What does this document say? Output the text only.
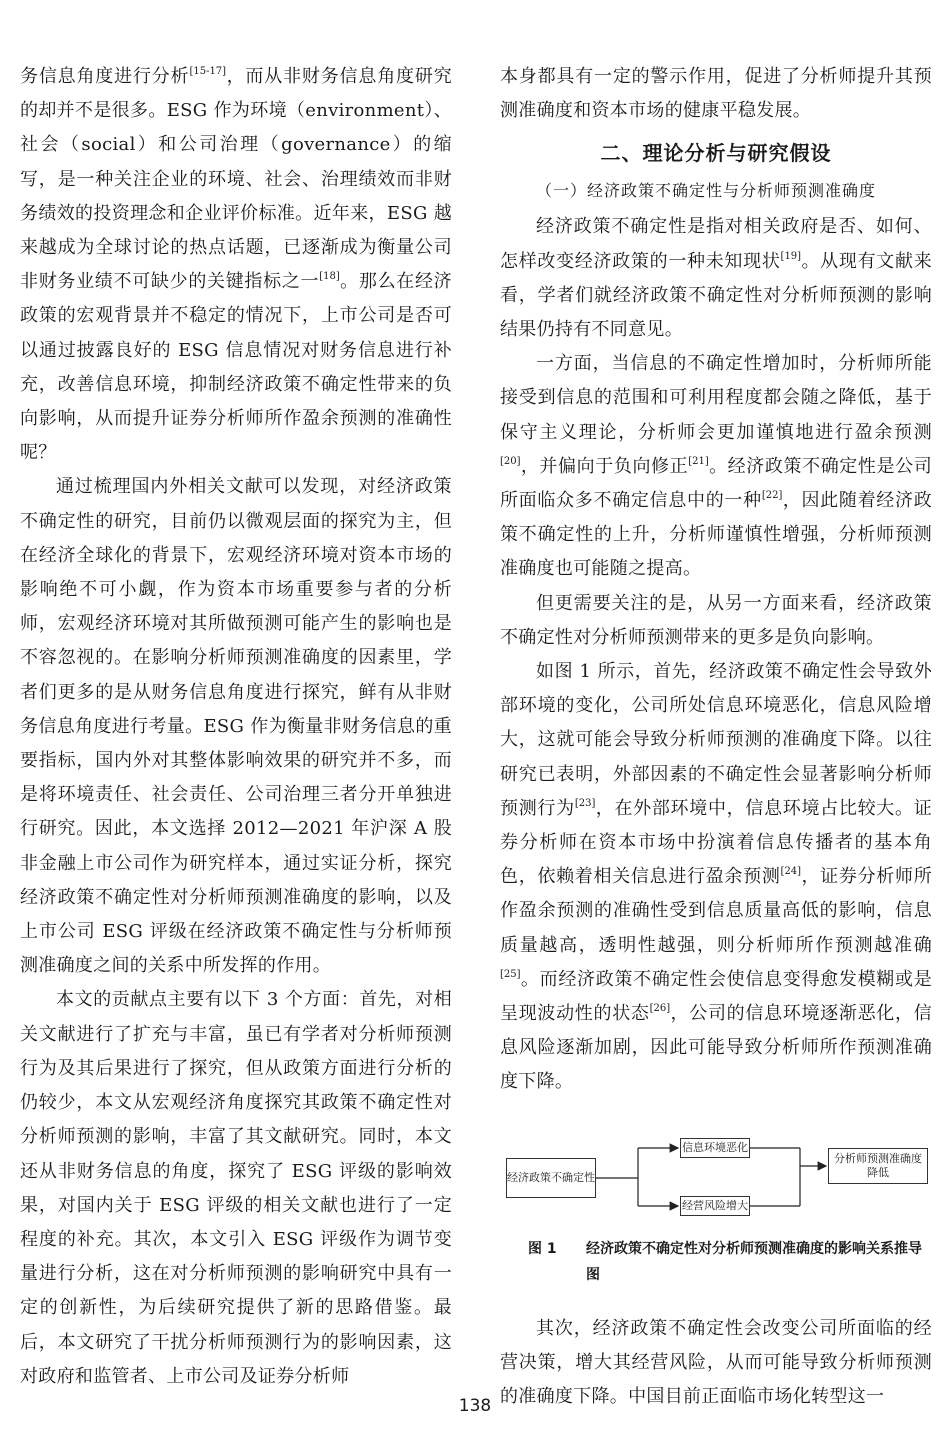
务信息角度进行分析[15-17]，而从非财务信息角度研究的却并不是很多。ESG 作为环境（environment）、社会（social）和公司治理（governance）的缩写，是一种关注企业的环境、社会、治理绩效而非财务绩效的投资理念和企业评价标准。近年来，ESG 越来越成为全球讨论的热点话题，已逐渐成为衡量公司非财务业绩不可缺少的关键指标之一[18]。那么在经济政策的宏观背景并不稳定的情况下，上市公司是否可以通过披露良好的 ESG 信息情况对财务信息进行补充，改善信息环境，抑制经济政策不确定性带来的负向影响，从而提升证券分析师所作盈余预测的准确性呢？

通过梳理国内外相关文献可以发现，对经济政策不确定性的研究，目前仍以微观层面的探究为主，但在经济全球化的背景下，宏观经济环境对资本市场的影响绝不可小觑，作为资本市场重要参与者的分析师，宏观经济环境对其所做预测可能产生的影响也是不容忽视的。在影响分析师预测准确度的因素里，学者们更多的是从财务信息角度进行探究，鲜有从非财务信息角度进行考量。ESG 作为衡量非财务信息的重要指标，国内外对其整体影响效果的研究并不多，而是将环境责任、社会责任、公司治理三者分开单独进行研究。因此，本文选择 2012—2021 年沪深 A 股非金融上市公司作为研究样本，通过实证分析，探究经济政策不确定性对分析师预测准确度的影响，以及上市公司 ESG 评级在经济政策不确定性与分析师预测准确度之间的关系中所发挥的作用。

本文的贡献点主要有以下 3 个方面：首先，对相关文献进行了扩充与丰富，虽已有学者对分析师预测行为及其后果进行了探究，但从政策方面进行分析的仍较少，本文从宏观经济角度探究其政策不确定性对分析师预测的影响，丰富了其文献研究。同时，本文还从非财务信息的角度，探究了 ESG 评级的影响效果，对国内关于 ESG 评级的相关文献也进行了一定程度的补充。其次，本文引入 ESG 评级作为调节变量进行分析，这在对分析师预测的影响研究中具有一定的创新性，为后续研究提供了新的思路借鉴。最后，本文研究了干扰分析师预测行为的影响因素，这对政府和监管者、上市公司及证券分析师

本身都具有一定的警示作用，促进了分析师提升其预测准确度和资本市场的健康平稳发展。

二、理论分析与研究假设
（一）经济政策不确定性与分析师预测准确度

经济政策不确定性是指对相关政府是否、如何、怎样改变经济政策的一种未知现状[19]。从现有文献来看，学者们就经济政策不确定性对分析师预测的影响结果仍持有不同意见。

一方面，当信息的不确定性增加时，分析师所能接受到信息的范围和可利用程度都会随之降低，基于保守主义理论，分析师会更加谨慎地进行盈余预测[20]，并偏向于负向修正[21]。经济政策不确定性是公司所面临众多不确定信息中的一种[22]，因此随着经济政策不确定性的上升，分析师谨慎性增强，分析师预测准确度也可能随之提高。

但更需要关注的是，从另一方面来看，经济政策不确定性对分析师预测带来的更多是负向影响。

如图 1 所示，首先，经济政策不确定性会导致外部环境的变化，公司所处信息环境恶化，信息风险增大，这就可能会导致分析师预测的准确度下降。以往研究已表明，外部因素的不确定性会显著影响分析师预测行为[23]，在外部环境中，信息环境占比较大。证券分析师在资本市场中扮演着信息传播者的基本角色，依赖着相关信息进行盈余预测[24]，证券分析师所作盈余预测的准确性受到信息质量高低的影响，信息质量越高，透明性越强，则分析师所作预测越准确[25]。而经济政策不确定性会使信息变得愈发模糊或是呈现波动性的状态[26]，公司的信息环境逐渐恶化，信息风险逐渐加剧，因此可能导致分析师所作预测准确度下降。

经济政策不确定性
信息环境恶化
经营风险增大
分析师预测准确度降低
图 1	经济政策不确定性对分析师预测准确度的影响关系推导图

其次，经济政策不确定性会改变公司所面临的经营决策，增大其经营风险，从而可能导致分析师预测的准确度下降。中国目前正面临市场化转型这一

138
